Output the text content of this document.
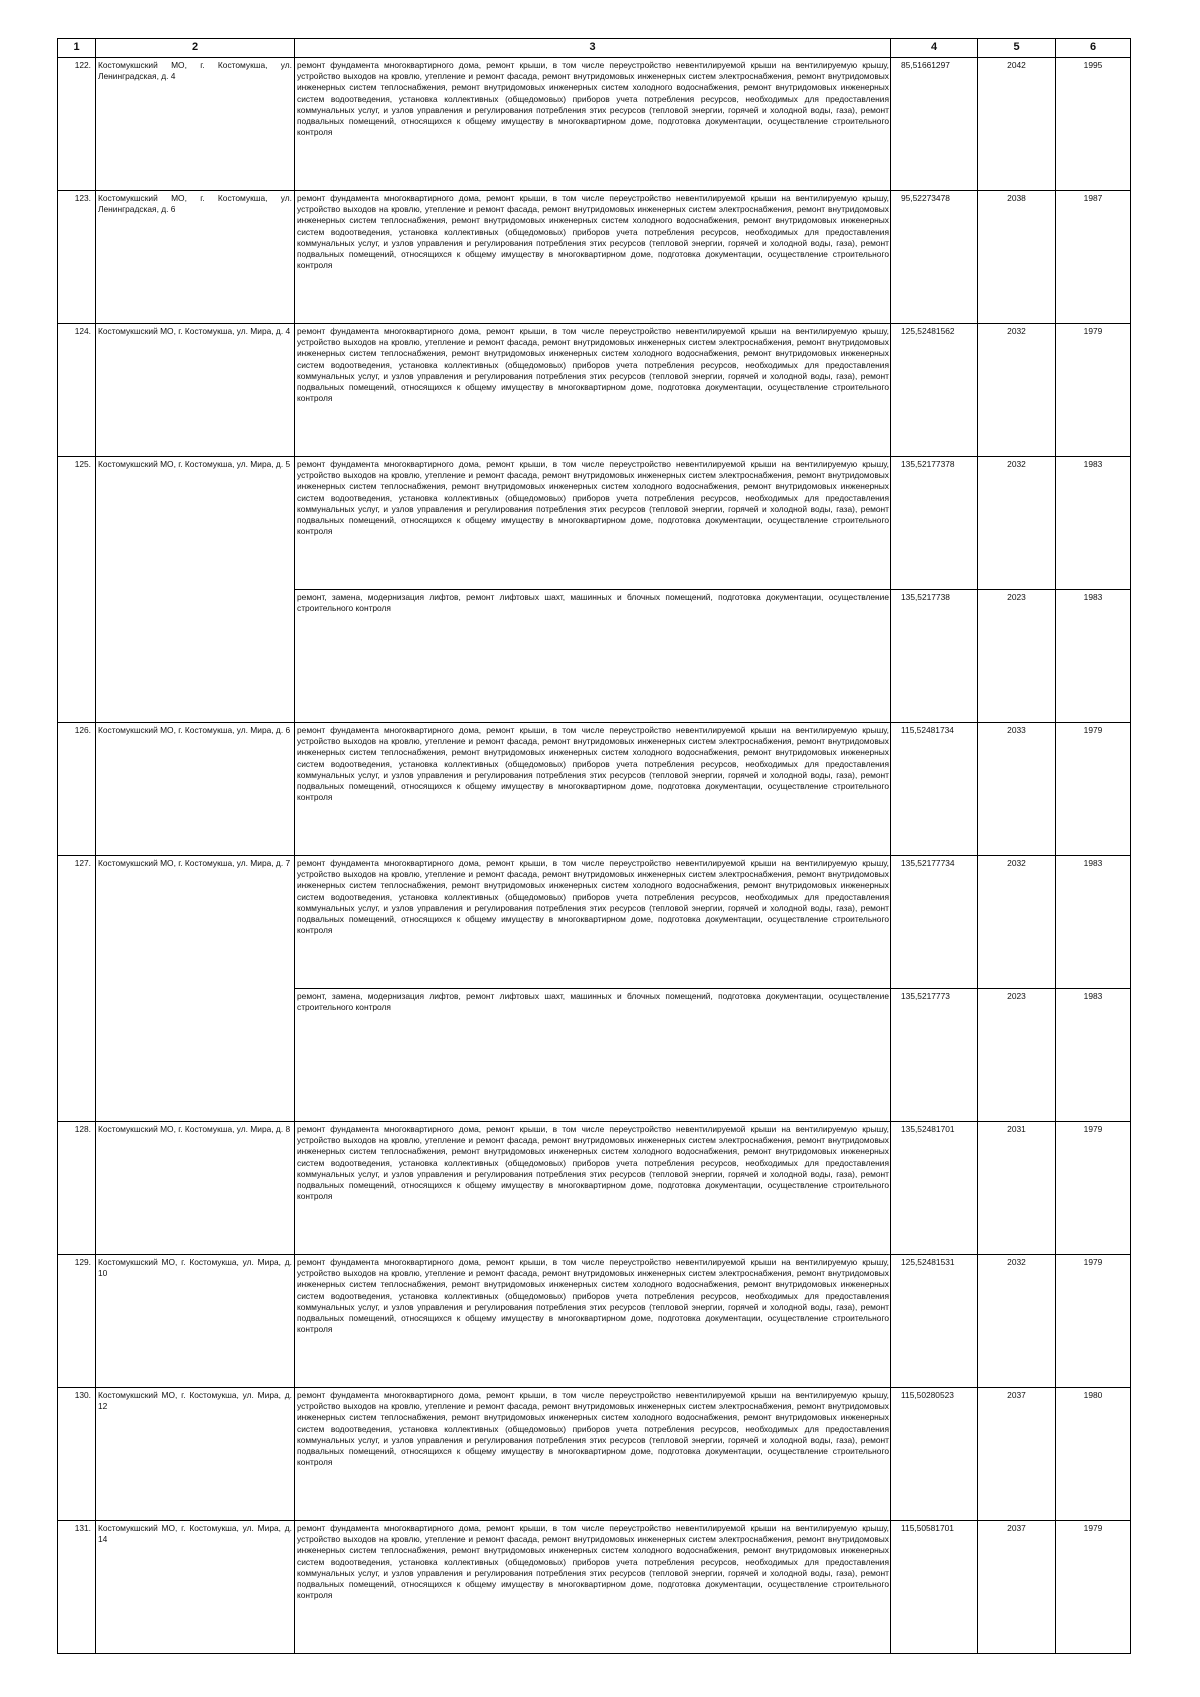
1	2	3	4	5	6
122.	Костомукшский МО, г. Костомукша, ул. Ленинградская, д. 4	ремонт фундамента многоквартирного дома, ремонт крыши, в том числе переустройство невентилируемой крыши на вентилируемую крышу, устройство выходов на кровлю, утепление и ремонт фасада, ремонт внутридомовых инженерных систем электроснабжения, ремонт внутридомовых инженерных систем теплоснабжения, ремонт внутридомовых инженерных систем холодного водоснабжения, ремонт внутридомовых инженерных систем водоотведения, установка коллективных (общедомовых) приборов учета потребления ресурсов, необходимых для предоставления коммунальных услуг, и узлов управления и регулирования потребления этих ресурсов (тепловой энергии, горячей и холодной воды, газа), ремонт подвальных помещений, относящихся к общему имуществу в многоквартирном доме, подготовка документации, осуществление строительного контроля	85,51661297	2042	1995
123.	Костомукшский МО, г. Костомукша, ул. Ленинградская, д. 6	ремонт фундамента многоквартирного дома, ремонт крыши, в том числе переустройство невентилируемой крыши на вентилируемую крышу, устройство выходов на кровлю, утепление и ремонт фасада, ремонт внутридомовых инженерных систем электроснабжения, ремонт внутридомовых инженерных систем теплоснабжения, ремонт внутридомовых инженерных систем холодного водоснабжения, ремонт внутридомовых инженерных систем водоотведения, установка коллективных (общедомовых) приборов учета потребления ресурсов, необходимых для предоставления коммунальных услуг, и узлов управления и регулирования потребления этих ресурсов (тепловой энергии, горячей и холодной воды, газа), ремонт подвальных помещений, относящихся к общему имуществу в многоквартирном доме, подготовка документации, осуществление строительного контроля	95,52273478	2038	1987
124.	Костомукшский МО, г. Костомукша, ул. Мира, д. 4	ремонт фундамента многоквартирного дома, ремонт крыши, в том числе переустройство невентилируемой крыши на вентилируемую крышу, устройство выходов на кровлю, утепление и ремонт фасада, ремонт внутридомовых инженерных систем электроснабжения, ремонт внутридомовых инженерных систем теплоснабжения, ремонт внутридомовых инженерных систем холодного водоснабжения, ремонт внутридомовых инженерных систем водоотведения, установка коллективных (общедомовых) приборов учета потребления ресурсов, необходимых для предоставления коммунальных услуг, и узлов управления и регулирования потребления этих ресурсов (тепловой энергии, горячей и холодной воды, газа), ремонт подвальных помещений, относящихся к общему имуществу в многоквартирном доме, подготовка документации, осуществление строительного контроля	125,52481562	2032	1979
125.	Костомукшский МО, г. Костомукша, ул. Мира, д. 5	ремонт фундамента многоквартирного дома, ремонт крыши, в том числе переустройство невентилируемой крыши на вентилируемую крышу, устройство выходов на кровлю, утепление и ремонт фасада, ремонт внутридомовых инженерных систем электроснабжения, ремонт внутридомовых инженерных систем теплоснабжения, ремонт внутридомовых инженерных систем холодного водоснабжения, ремонт внутридомовых инженерных систем водоотведения, установка коллективных (общедомовых) приборов учета потребления ресурсов, необходимых для предоставления коммунальных услуг, и узлов управления и регулирования потребления этих ресурсов (тепловой энергии, горячей и холодной воды, газа), ремонт подвальных помещений, относящихся к общему имуществу в многоквартирном доме, подготовка документации, осуществление строительного контроля	135,52177378	2032	1983
		ремонт, замена, модернизация лифтов, ремонт лифтовых шахт, машинных и блочных помещений, подготовка документации, осуществление строительного контроля	135,5217738	2023	1983
126.	Костомукшский МО, г. Костомукша, ул. Мира, д. 6	ремонт фундамента многоквартирного дома, ремонт крыши, в том числе переустройство невентилируемой крыши на вентилируемую крышу, устройство выходов на кровлю, утепление и ремонт фасада, ремонт внутридомовых инженерных систем электроснабжения, ремонт внутридомовых инженерных систем теплоснабжения, ремонт внутридомовых инженерных систем холодного водоснабжения, ремонт внутридомовых инженерных систем водоотведения, установка коллективных (общедомовых) приборов учета потребления ресурсов, необходимых для предоставления коммунальных услуг, и узлов управления и регулирования потребления этих ресурсов (тепловой энергии, горячей и холодной воды, газа), ремонт подвальных помещений, относящихся к общему имуществу в многоквартирном доме, подготовка документации, осуществление строительного контроля	115,52481734	2033	1979
127.	Костомукшский МО, г. Костомукша, ул. Мира, д. 7	ремонт фундамента многоквартирного дома, ремонт крыши, в том числе переустройство невентилируемой крыши на вентилируемую крышу, устройство выходов на кровлю, утепление и ремонт фасада, ремонт внутридомовых инженерных систем электроснабжения, ремонт внутридомовых инженерных систем теплоснабжения, ремонт внутридомовых инженерных систем холодного водоснабжения, ремонт внутридомовых инженерных систем водоотведения, установка коллективных (общедомовых) приборов учета потребления ресурсов, необходимых для предоставления коммунальных услуг, и узлов управления и регулирования потребления этих ресурсов (тепловой энергии, горячей и холодной воды, газа), ремонт подвальных помещений, относящихся к общему имуществу в многоквартирном доме, подготовка документации, осуществление строительного контроля	135,52177734	2032	1983
		ремонт, замена, модернизация лифтов, ремонт лифтовых шахт, машинных и блочных помещений, подготовка документации, осуществление строительного контроля	135,5217773	2023	1983
128.	Костомукшский МО, г. Костомукша, ул. Мира, д. 8	ремонт фундамента многоквартирного дома, ремонт крыши, в том числе переустройство невентилируемой крыши на вентилируемую крышу, устройство выходов на кровлю, утепление и ремонт фасада, ремонт внутридомовых инженерных систем электроснабжения, ремонт внутридомовых инженерных систем теплоснабжения, ремонт внутридомовых инженерных систем холодного водоснабжения, ремонт внутридомовых инженерных систем водоотведения, установка коллективных (общедомовых) приборов учета потребления ресурсов, необходимых для предоставления коммунальных услуг, и узлов управления и регулирования потребления этих ресурсов (тепловой энергии, горячей и холодной воды, газа), ремонт подвальных помещений, относящихся к общему имуществу в многоквартирном доме, подготовка документации, осуществление строительного контроля	135,52481701	2031	1979
129.	Костомукшский МО, г. Костомукша, ул. Мира, д. 10	ремонт фундамента многоквартирного дома, ремонт крыши, в том числе переустройство невентилируемой крыши на вентилируемую крышу, устройство выходов на кровлю, утепление и ремонт фасада, ремонт внутридомовых инженерных систем электроснабжения, ремонт внутридомовых инженерных систем теплоснабжения, ремонт внутридомовых инженерных систем холодного водоснабжения, ремонт внутридомовых инженерных систем водоотведения, установка коллективных (общедомовых) приборов учета потребления ресурсов, необходимых для предоставления коммунальных услуг, и узлов управления и регулирования потребления этих ресурсов (тепловой энергии, горячей и холодной воды, газа), ремонт подвальных помещений, относящихся к общему имуществу в многоквартирном доме, подготовка документации, осуществление строительного контроля	125,52481531	2032	1979
130.	Костомукшский МО, г. Костомукша, ул. Мира, д. 12	ремонт фундамента многоквартирного дома, ремонт крыши, в том числе переустройство невентилируемой крыши на вентилируемую крышу, устройство выходов на кровлю, утепление и ремонт фасада, ремонт внутридомовых инженерных систем электроснабжения, ремонт внутридомовых инженерных систем теплоснабжения, ремонт внутридомовых инженерных систем холодного водоснабжения, ремонт внутридомовых инженерных систем водоотведения, установка коллективных (общедомовых) приборов учета потребления ресурсов, необходимых для предоставления коммунальных услуг, и узлов управления и регулирования потребления этих ресурсов (тепловой энергии, горячей и холодной воды, газа), ремонт подвальных помещений, относящихся к общему имуществу в многоквартирном доме, подготовка документации, осуществление строительного контроля	115,50280523	2037	1980
131.	Костомукшский МО, г. Костомукша, ул. Мира, д. 14	ремонт фундамента многоквартирного дома, ремонт крыши, в том числе переустройство невентилируемой крыши на вентилируемую крышу, устройство выходов на кровлю, утепление и ремонт фасада, ремонт внутридомовых инженерных систем электроснабжения, ремонт внутридомовых инженерных систем теплоснабжения, ремонт внутридомовых инженерных систем холодного водоснабжения, ремонт внутридомовых инженерных систем водоотведения, установка коллективных (общедомовых) приборов учета потребления ресурсов, необходимых для предоставления коммунальных услуг, и узлов управления и регулирования потребления этих ресурсов (тепловой энергии, горячей и холодной воды, газа), ремонт подвальных помещений, относящихся к общему имуществу в многоквартирном доме, подготовка документации, осуществление строительного контроля	115,50581701	2037	1979
